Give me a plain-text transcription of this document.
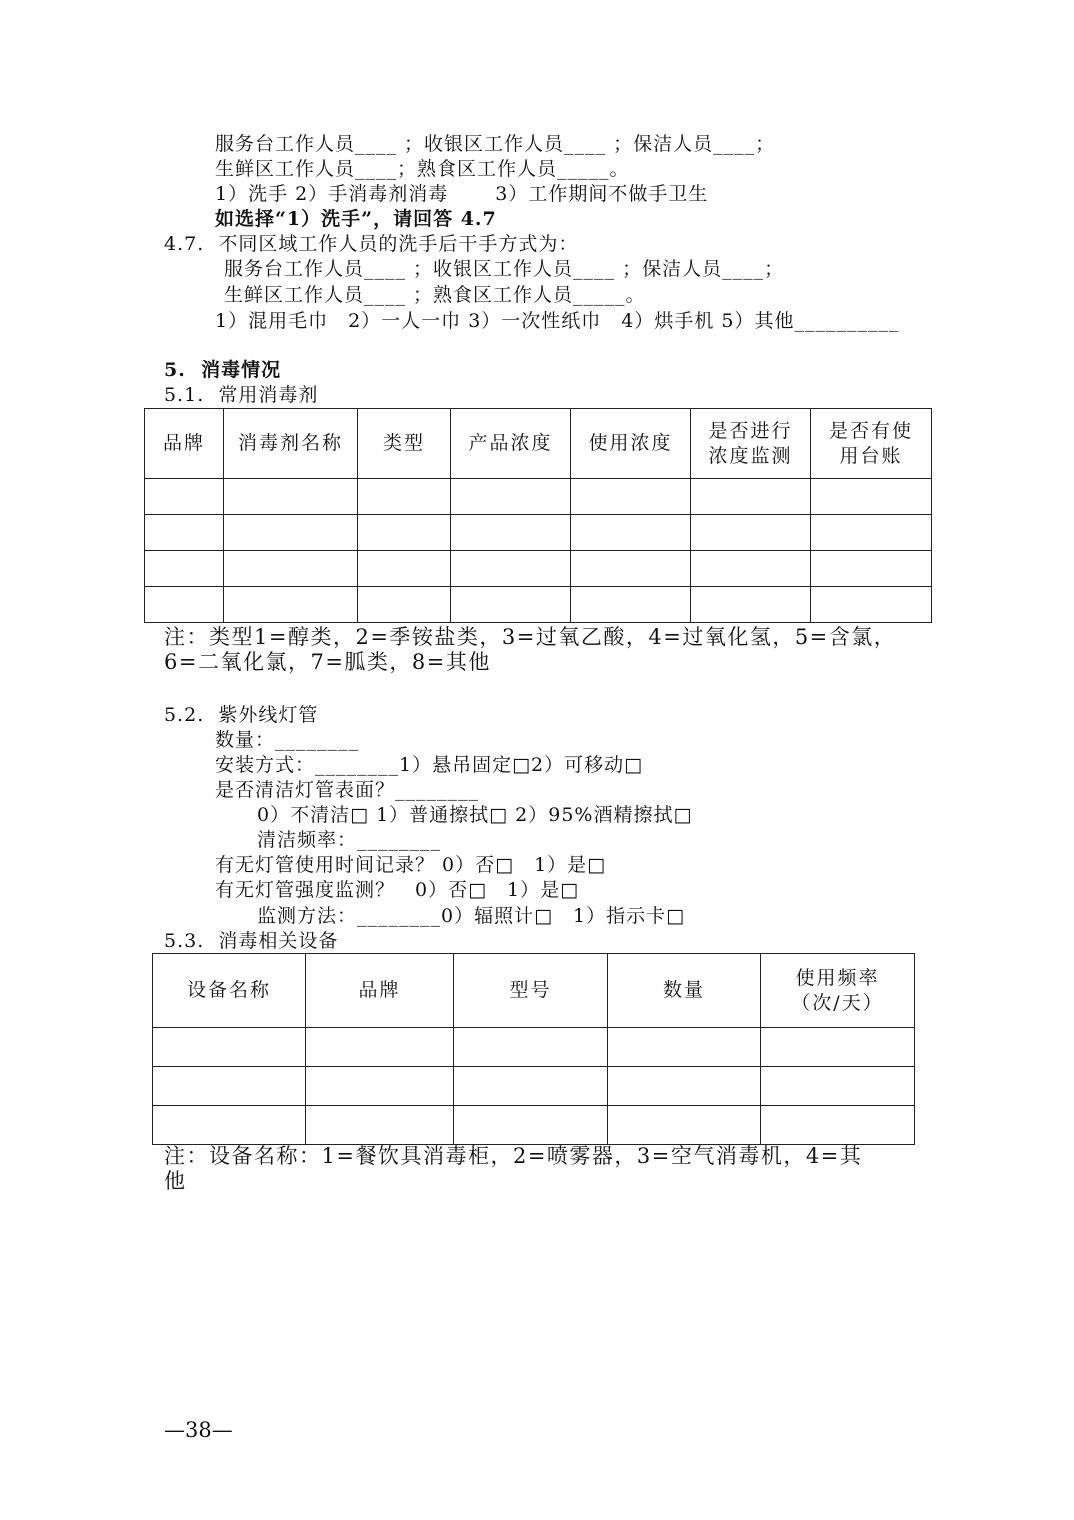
服务台工作人员____ ；收银区工作人员____ ；保洁人员____；
生鲜区工作人员____；熟食区工作人员_____。
1）洗手 2）手消毒剂消毒　　 3）工作期间不做手卫生
如选择“1）洗手”，请回答 4.7
4.7.  不同区域工作人员的洗手后干手方式为：
服务台工作人员____ ；收银区工作人员____ ；保洁人员____；
生鲜区工作人员____ ；熟食区工作人员_____。
1）混用毛巾　2）一人一巾 3）一次性纸巾　4）烘手机 5）其他__________
5.  消毒情况
5.1.  常用消毒剂
品牌	消毒剂名称	类型	产品浓度	使用浓度	是否进行浓度监测	是否有使用台账

注：类型1=醇类，2=季铵盐类，3=过氧乙酸，4=过氧化氢，5=含氯，
6=二氧化氯，7=胍类，8=其他
5.2.  紫外线灯管
数量：________
安装方式：________1）悬吊固定□2）可移动□
是否清洁灯管表面？________
0）不清洁□ 1）普通擦拭□ 2）95%酒精擦拭□
清洁频率：________
有无灯管使用时间记录？ 0）否□　1）是□
有无灯管强度监测？　0）否□　1）是□
监测方法：________0）辐照计□　1）指示卡□
5.3.  消毒相关设备
设备名称	品牌	型号	数量	使用频率（次/天）

注：设备名称：1=餐饮具消毒柜，2=喷雾器，3=空气消毒机，4=其
他
—38—
